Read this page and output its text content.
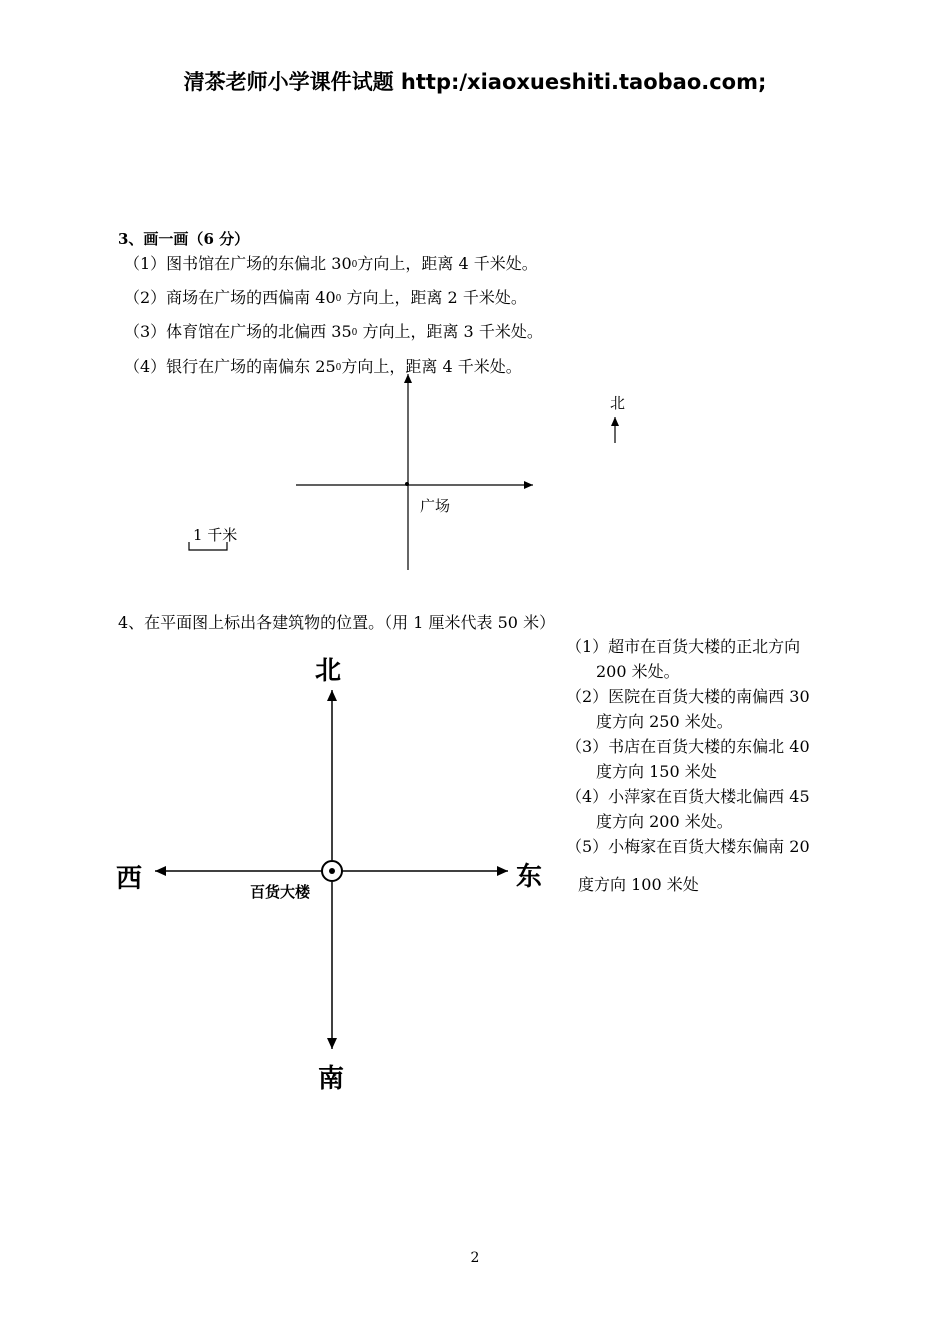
清茶老师小学课件试题 http:/xiaoxueshiti.taobao.com;
3、画一画（6 分）
（1）图书馆在广场的东偏北 $30^0$方向上，距离 4 千米处。
（2）商场在广场的西偏南 $40^0$ 方向上，距离 2 千米处。
（3）体育馆在广场的北偏西 $35^0$ 方向上，距离 3 千米处。
（4）银行在广场的南偏东 $25^0$方向上，距离 4 千米处。
北
广场
1 千米
4、在平面图上标出各建筑物的位置。（用 1 厘米代表 50 米）
（1）超市在百货大楼的正北方向
200 米处。
（2）医院在百货大楼的南偏西 30
度方向 250 米处。
（3）书店在百货大楼的东偏北 40
度方向 150 米处
（4）小萍家在百货大楼北偏西 45
度方向 200 米处。
（5）小梅家在百货大楼东偏南 20
度方向 100 米处
北
南
西	东
百货大楼
2
